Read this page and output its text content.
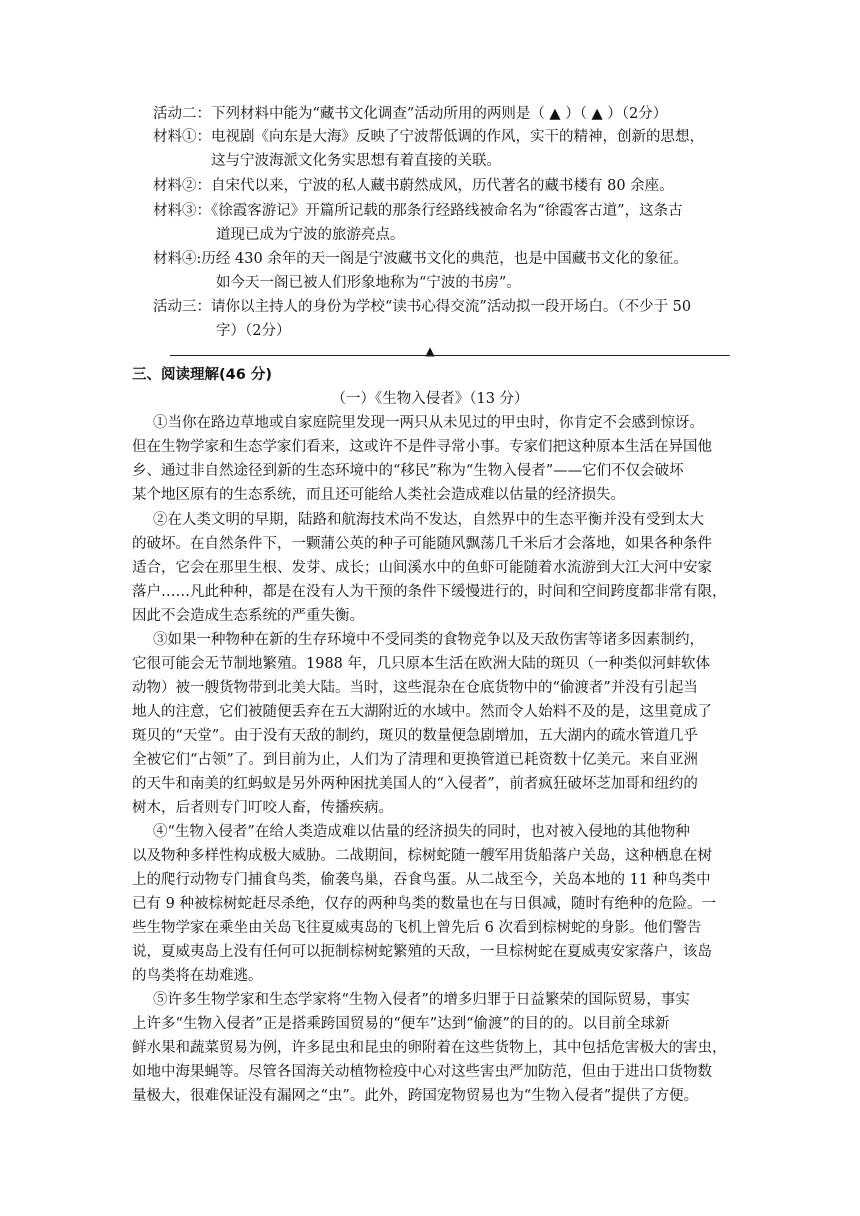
活动二：下列材料中能为“藏书文化调查”活动所用的两则是（ ▲ ）（ ▲ ）（2分）
材料①：电视剧《向东是大海》反映了宁波帮低调的作风，实干的精神，创新的思想，
这与宁波海派文化务实思想有着直接的关联。
材料②：自宋代以来，宁波的私人藏书蔚然成风，历代著名的藏书楼有 80 余座。
材料③：《徐霞客游记》开篇所记载的那条行经路线被命名为“徐霞客古道”，这条古
道现已成为宁波的旅游亮点。
材料④:历经 430 余年的天一阁是宁波藏书文化的典范，也是中国藏书文化的象征。
如今天一阁已被人们形象地称为“宁波的书房”。
活动三：请你以主持人的身份为学校“读书心得交流”活动拟一段开场白。（不少于 50
字）（2分）
▲
三、阅读理解(46 分)
（一）《生物入侵者》（13 分）
①当你在路边草地或自家庭院里发现一两只从未见过的甲虫时，你肯定不会感到惊讶。
但在生物学家和生态学家们看来，这或许不是件寻常小事。专家们把这种原本生活在异国他
乡、通过非自然途径到新的生态环境中的“移民”称为“生物入侵者”——它们不仅会破坏
某个地区原有的生态系统，而且还可能给人类社会造成难以估量的经济损失。
②在人类文明的早期，陆路和航海技术尚不发达，自然界中的生态平衡并没有受到太大
的破坏。在自然条件下，一颗蒲公英的种子可能随风飘荡几千米后才会落地，如果各种条件
适合，它会在那里生根、发芽、成长；山间溪水中的鱼虾可能随着水流游到大江大河中安家
落户……凡此种种，都是在没有人为干预的条件下缓慢进行的，时间和空间跨度都非常有限，
因此不会造成生态系统的严重失衡。
③如果一种物种在新的生存环境中不受同类的食物竞争以及天敌伤害等诸多因素制约，
它很可能会无节制地繁殖。1988 年，几只原本生活在欧洲大陆的斑贝（一种类似河蚌软体
动物）被一艘货物带到北美大陆。当时，这些混杂在仓底货物中的“偷渡者”并没有引起当
地人的注意，它们被随便丢弃在五大湖附近的水域中。然而令人始料不及的是，这里竟成了
斑贝的“天堂”。由于没有天敌的制约，斑贝的数量便急剧增加，五大湖内的疏水管道几乎
全被它们“占领”了。到目前为止，人们为了清理和更换管道已耗资数十亿美元。来自亚洲
的天牛和南美的红蚂蚁是另外两种困扰美国人的“入侵者”，前者疯狂破坏芝加哥和纽约的
树木，后者则专门叮咬人畜，传播疾病。
④“生物入侵者”在给人类造成难以估量的经济损失的同时，也对被入侵地的其他物种
以及物种多样性构成极大威胁。二战期间，棕树蛇随一艘军用货船落户关岛，这种栖息在树
上的爬行动物专门捕食鸟类，偷袭鸟巢，吞食鸟蛋。从二战至今，关岛本地的 11 种鸟类中
已有 9 种被棕树蛇赶尽杀绝，仅存的两种鸟类的数量也在与日俱减，随时有绝种的危险。一
些生物学家在乘坐由关岛飞往夏威夷岛的飞机上曾先后 6 次看到棕树蛇的身影。他们警告
说，夏威夷岛上没有任何可以扼制棕树蛇繁殖的天敌，一旦棕树蛇在夏威夷安家落户，该岛
的鸟类将在劫难逃。
⑤许多生物学家和生态学家将“生物入侵者”的增多归罪于日益繁荣的国际贸易，事实
上许多“生物入侵者”正是搭乘跨国贸易的“便车”达到“偷渡”的目的的。以目前全球新
鲜水果和蔬菜贸易为例，许多昆虫和昆虫的卵附着在这些货物上，其中包括危害极大的害虫，
如地中海果蝇等。尽管各国海关动植物检疫中心对这些害虫严加防范，但由于进出口货物数
量极大，很难保证没有漏网之“虫”。此外，跨国宠物贸易也为“生物入侵者”提供了方便。
